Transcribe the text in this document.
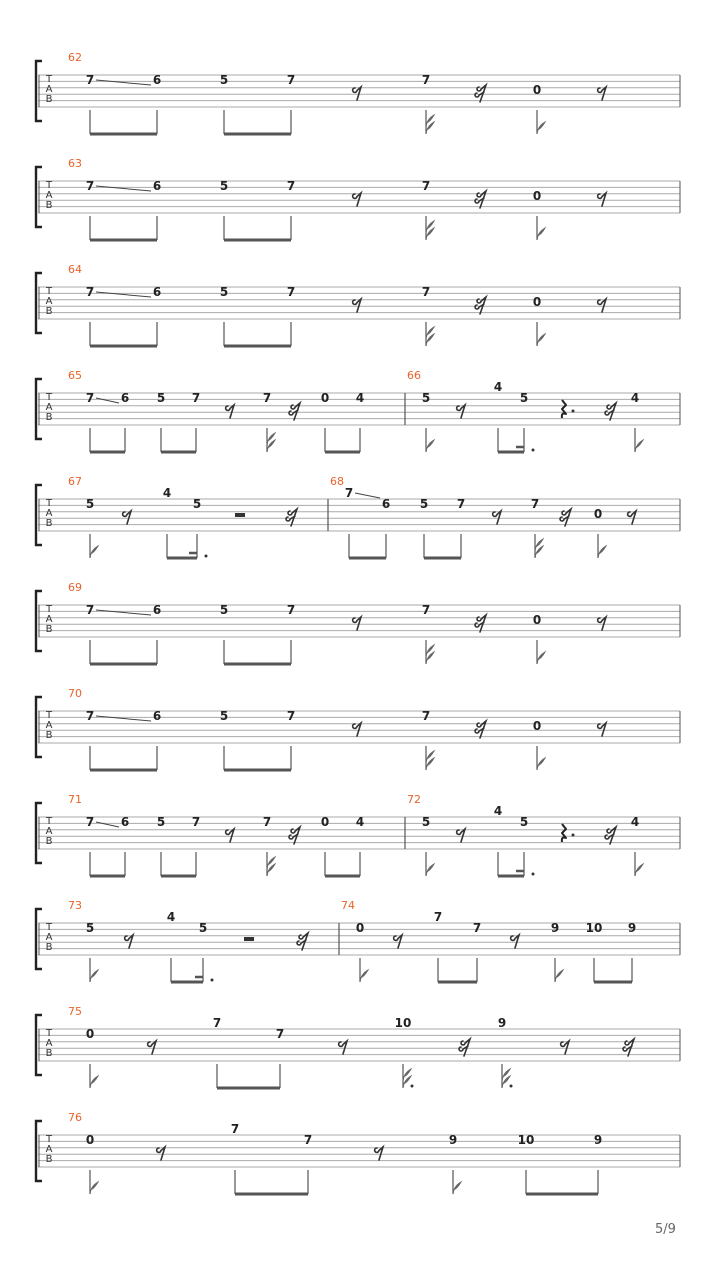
T
A
B
62
7	6	5	7	7
0
T
A
B
63
7	6	5	7	7
0
T
A
B
64
7	6	5	7	7
0
T
A
B
65
7 6 5 7	7	0 4
66
5
4
5	4
T
A
B
67
5
4
5
68
7
6 5 7	7
0
T
A
B
69
7	6	5	7	7
0
T
A
B
70
7	6	5	7	7
0
T
A
B
71
7 6 5 7	7	0 4
72
5
4
5	4
T
A
B
73
5
4
5
74
0
7
7	9 10 9
T
A
B
75
0
7
7
10	9
T
A
B
76
0
7
7	9	10	9
5/9
